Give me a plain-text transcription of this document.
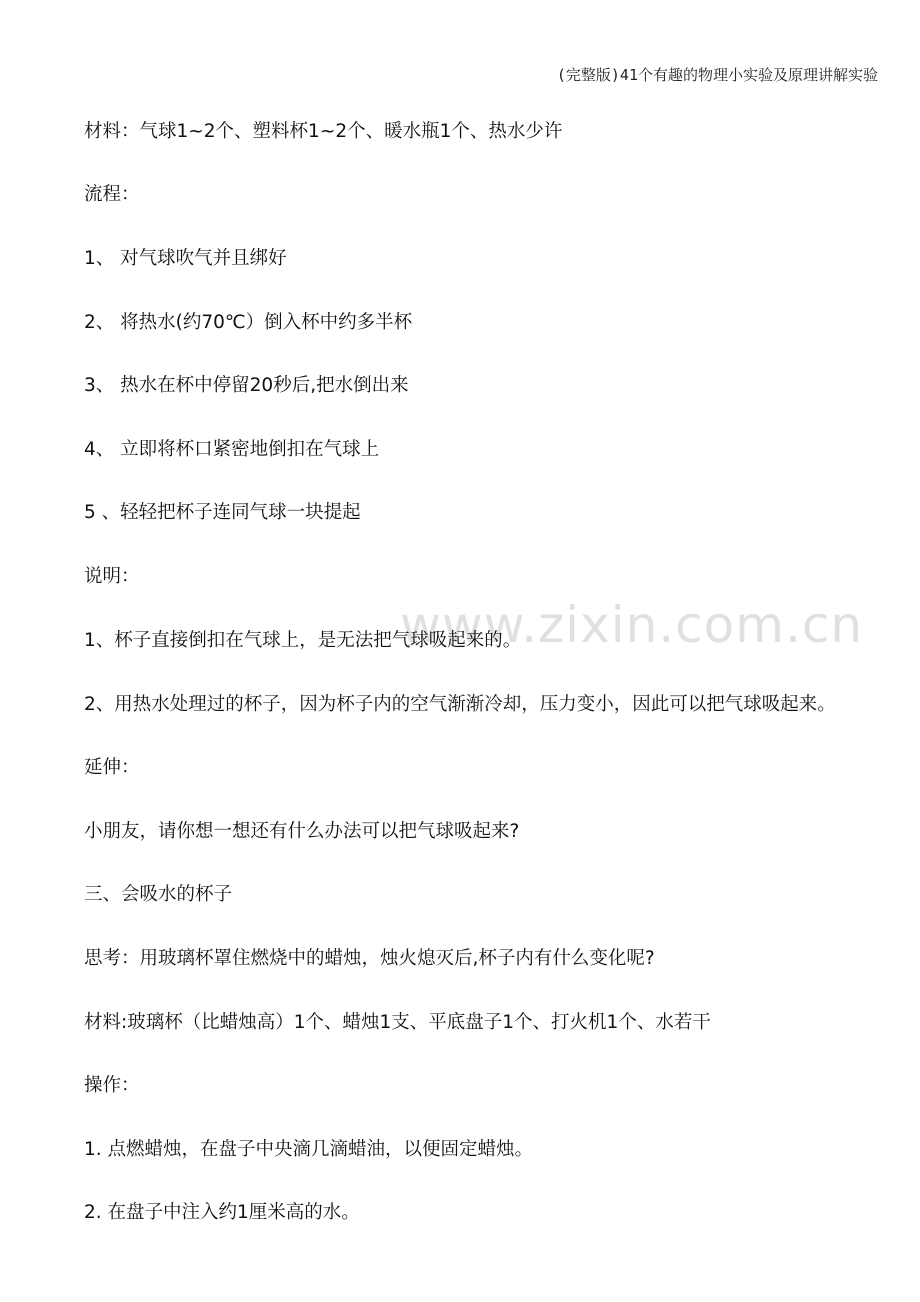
(完整版)41个有趣的物理小实验及原理讲解实验
www.zixin.com.cn
材料：气球1~2个、塑料杯1~2个、暖水瓶1个、热水少许
流程：
1、 对气球吹气并且绑好
2、 将热水(约70℃）倒入杯中约多半杯
3、 热水在杯中停留20秒后,把水倒出来
4、 立即将杯口紧密地倒扣在气球上
5 、轻轻把杯子连同气球一块提起
说明：
1、杯子直接倒扣在气球上，是无法把气球吸起来的。
2、用热水处理过的杯子，因为杯子内的空气渐渐冷却，压力变小，因此可以把气球吸起来。
延伸：
小朋友，请你想一想还有什么办法可以把气球吸起来?
三、会吸水的杯子
思考：用玻璃杯罩住燃烧中的蜡烛，烛火熄灭后,杯子内有什么变化呢?
材料:玻璃杯（比蜡烛高）1个、蜡烛1支、平底盘子1个、打火机1个、水若干
操作：
1. 点燃蜡烛，在盘子中央滴几滴蜡油，以便固定蜡烛。
2. 在盘子中注入约1厘米高的水。
